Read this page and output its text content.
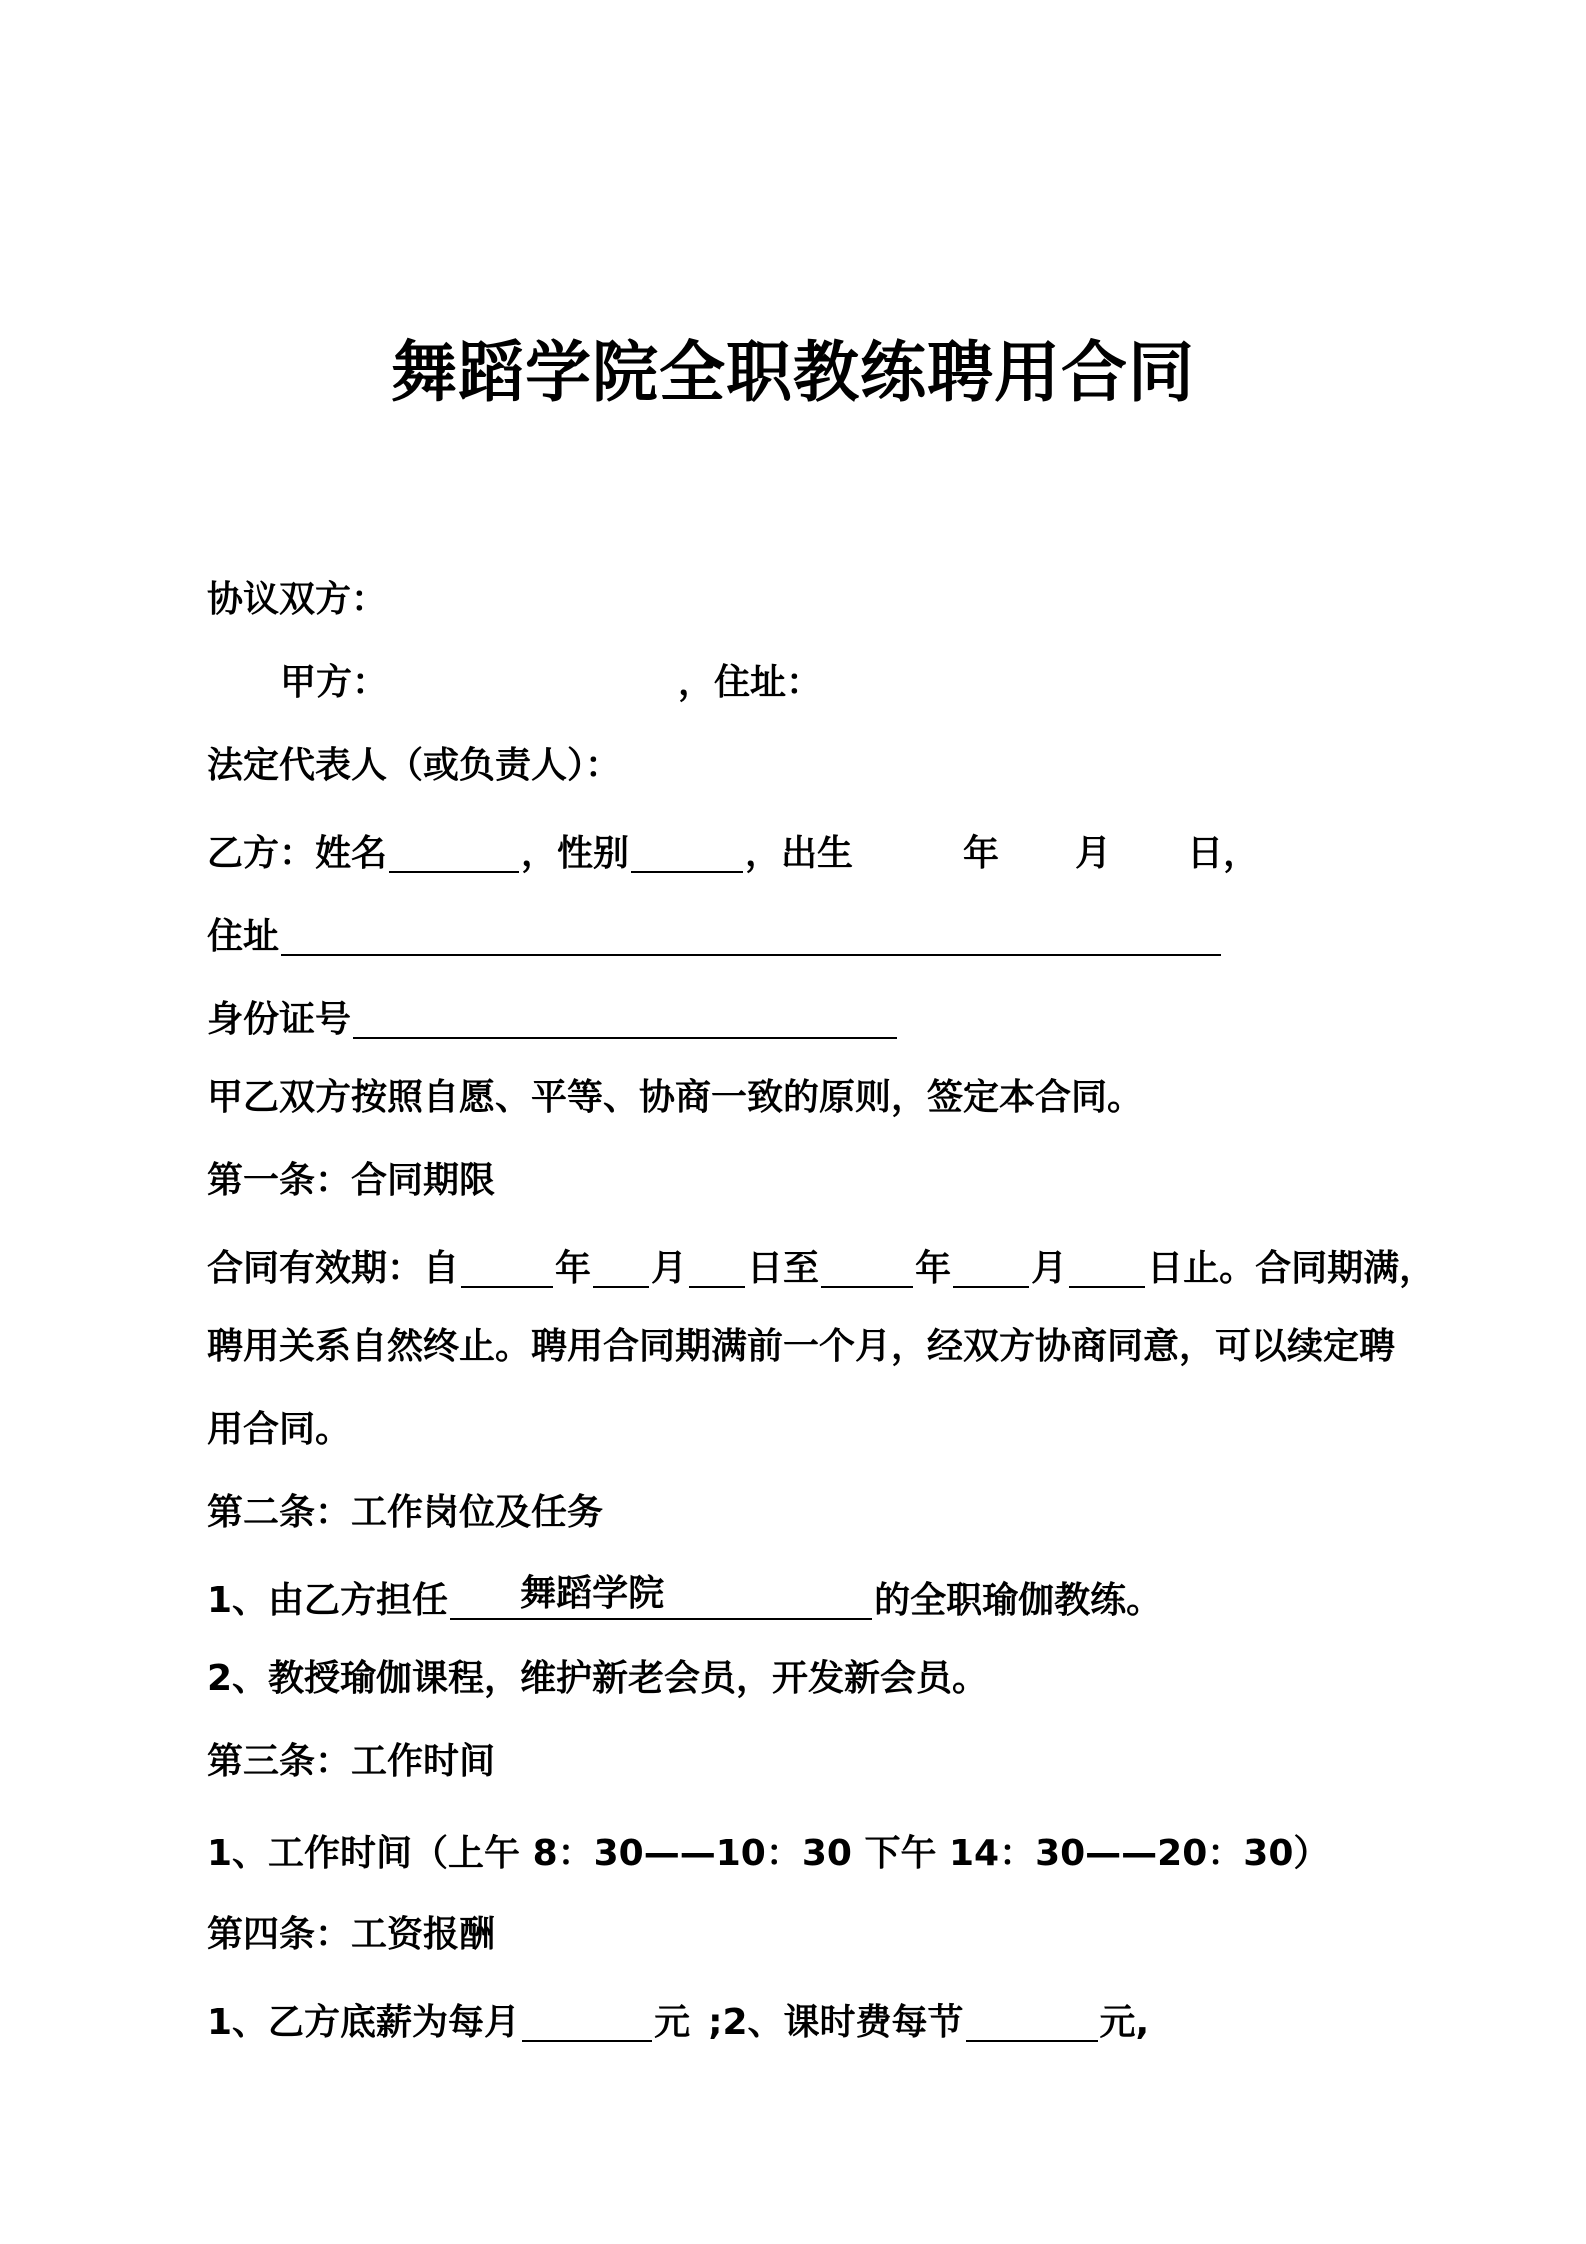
舞蹈学院全职教练聘用合同
协议双方：
甲方：	，住址：
法定代表人（或负责人）：
乙方：姓名	，性别	，出生	年 月 日，
住址
身份证号
甲乙双方按照自愿、平等、协商一致的原则，签定本合同。
第一条：合同期限
合同有效期：自	年 月 日至	年 月 日止。合同期满，
聘用关系自然终止。聘用合同期满前一个月，经双方协商同意，可以续定聘
用合同。
第二条：工作岗位及任务
1、由乙方担任 舞蹈学院	的全职瑜伽教练。
2、教授瑜伽课程，维护新老会员，开发新会员。
第三条：工作时间
1、工作时间（上午 8：30——10：30 下午 14：30——20：30）
第四条：工资报酬
1、乙方底薪为每月	元 ;2、课时费每节	元,
